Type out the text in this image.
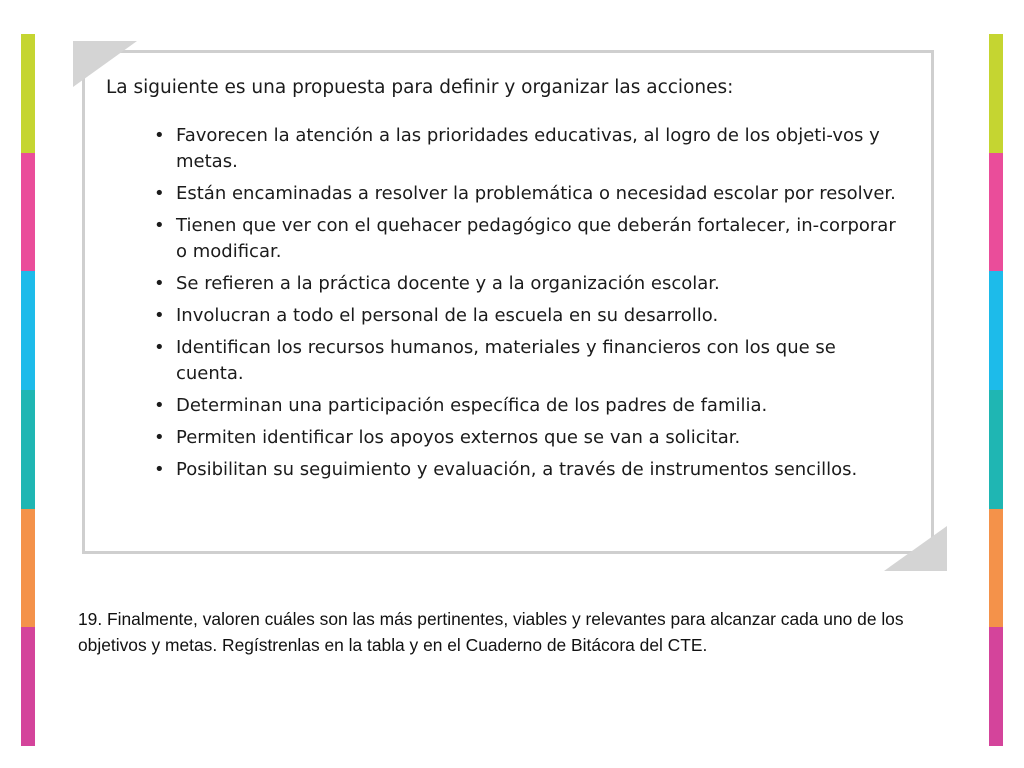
La siguiente es una propuesta para definir y organizar las acciones:
• Favorecen la atención a las prioridades educativas, al logro de los objeti-vos y metas.
• Están encaminadas a resolver la problemática o necesidad escolar por resolver.
• Tienen que ver con el quehacer pedagógico que deberán fortalecer, in-corporar o modificar.
• Se refieren a la práctica docente y a la organización escolar.
• Involucran a todo el personal de la escuela en su desarrollo.
• Identifican los recursos humanos, materiales y financieros con los que se cuenta.
• Determinan una participación específica de los padres de familia.
• Permiten identificar los apoyos externos que se van a solicitar.
• Posibilitan su seguimiento y evaluación, a través de instrumentos sencillos.

19. Finalmente, valoren cuáles son las más pertinentes, viables y relevantes para alcanzar cada uno de los objetivos y metas. Regístrenlas en la tabla y en el Cuaderno de Bitácora del CTE.
